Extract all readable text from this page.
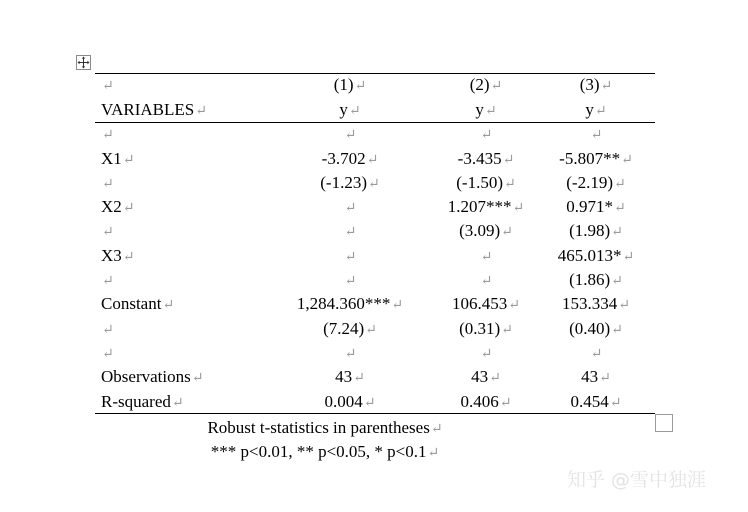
↵	(1)↵	(2)↵	(3)↵
VARIABLES↵	y↵	y↵	y↵
↵	↵	↵	↵
X1↵	-3.702↵	-3.435↵	-5.807**↵
↵	(-1.23)↵	(-1.50)↵	(-2.19)↵
X2↵	↵	1.207***↵	0.971*↵
↵	↵	(3.09)↵	(1.98)↵
X3↵	↵	↵	465.013*↵
↵	↵	↵	(1.86)↵
Constant↵	1,284.360***↵	106.453↵	153.334↵
↵	(7.24)↵	(0.31)↵	(0.40)↵
↵	↵	↵	↵
Observations↵	43↵	43↵	43↵
R-squared↵	0.004↵	0.406↵	0.454↵
Robust t-statistics in parentheses↵
*** p<0.01, ** p<0.05, * p<0.1↵
知乎 @雪中独涯
